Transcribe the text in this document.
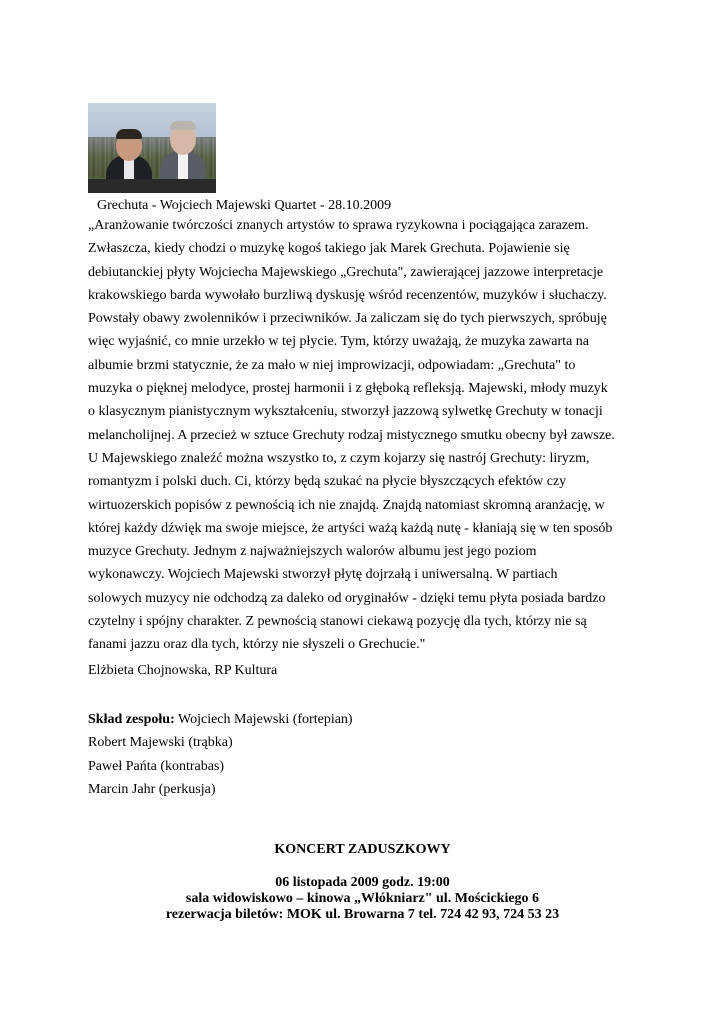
Grechuta - Wojciech Majewski Quartet - 28.10.2009
„Aranżowanie twórczości znanych artystów to sprawa ryzykowna i pociągająca zarazem.
Zwłaszcza, kiedy chodzi o muzykę kogoś takiego jak Marek Grechuta. Pojawienie się
debiutanckiej płyty Wojciecha Majewskiego „Grechuta", zawierającej jazzowe interpretacje
krakowskiego barda wywołało burzliwą dyskusję wśród recenzentów, muzyków i słuchaczy.
Powstały obawy zwolenników i przeciwników. Ja zaliczam się do tych pierwszych, spróbuję
więc wyjaśnić, co mnie urzekło w tej płycie. Tym, którzy uważają, że muzyka zawarta na
albumie brzmi statycznie, że za mało w niej improwizacji, odpowiadam: „Grechuta" to
muzyka o pięknej melodyce, prostej harmonii i z głęboką refleksją. Majewski, młody muzyk
o klasycznym pianistycznym wykształceniu, stworzył jazzową sylwetkę Grechuty w tonacji
melancholijnej. A przecież w sztuce Grechuty rodzaj mistycznego smutku obecny był zawsze.
U Majewskiego znaleźć można wszystko to, z czym kojarzy się nastrój Grechuty: liryzm,
romantyzm i polski duch. Ci, którzy będą szukać na płycie błyszczących efektów czy
wirtuozerskich popisów z pewnością ich nie znajdą. Znajdą natomiast skromną aranżację, w
której każdy dźwięk ma swoje miejsce, że artyści ważą każdą nutę - kłaniają się w ten sposób
muzyce Grechuty. Jednym z najważniejszych walorów albumu jest jego poziom
wykonawczy. Wojciech Majewski stworzył płytę dojrzałą i uniwersalną. W partiach
solowych muzycy nie odchodzą za daleko od oryginałów - dzięki temu płyta posiada bardzo
czytelny i spójny charakter. Z pewnością stanowi ciekawą pozycję dla tych, którzy nie są
fanami jazzu oraz dla tych, którzy nie słyszeli o Grechucie."
Elżbieta Chojnowska, RP Kultura
Skład zespołu: Wojciech Majewski (fortepian)
Robert Majewski (trąbka)
Paweł Pańta (kontrabas)
Marcin Jahr (perkusja)
KONCERT ZADUSZKOWY
06 listopada 2009 godz. 19:00
sala widowiskowo – kinowa „Włókniarz" ul. Mościckiego 6
rezerwacja biletów: MOK ul. Browarna 7 tel. 724 42 93, 724 53 23
